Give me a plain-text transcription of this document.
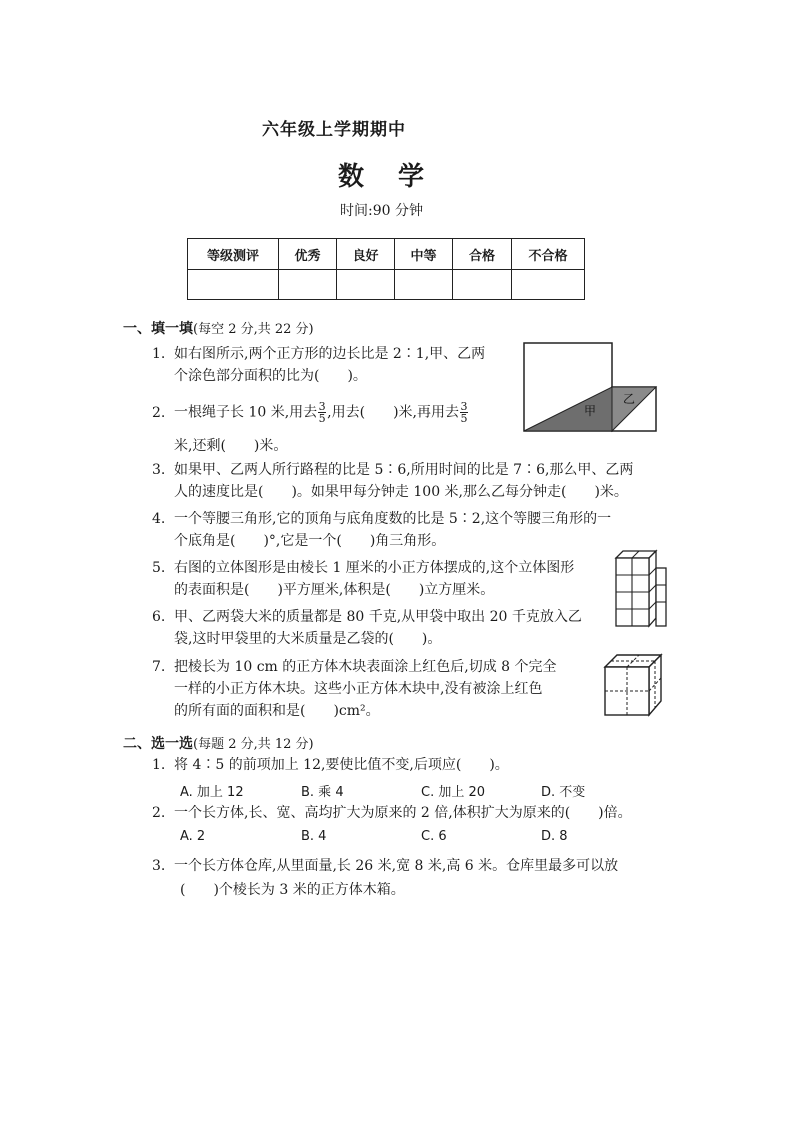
六年级上学期期中
数学
时间:90 分钟
等级测评	优秀	良好	中等	合格	不合格

一、填一填(每空 2 分,共 22 分)
1. 如右图所示,两个正方形的边长比是 2∶1,甲、乙两
个涂色部分面积的比为(　　)。
2. 一根绳子长 10 米,用去 $\frac{3}{5}$ ,用去(　　)米,再用去 $\frac{3}{5}$
米,还剩(　　)米。
3. 如果甲、乙两人所行路程的比是 5∶6,所用时间的比是 7∶6,那么甲、乙两
人的速度比是(　　)。如果甲每分钟走 100 米,那么乙每分钟走(　　)米。
4. 一个等腰三角形,它的顶角与底角度数的比是 5∶2,这个等腰三角形的一
个底角是(　　)°,它是一个(　　)角三角形。
5. 右图的立体图形是由棱长 1 厘米的小正方体摆成的,这个立体图形
的表面积是(　　)平方厘米,体积是(　　)立方厘米。
6. 甲、乙两袋大米的质量都是 80 千克,从甲袋中取出 20 千克放入乙
袋,这时甲袋里的大米质量是乙袋的(　　)。
7. 把棱长为 10 cm 的正方体木块表面涂上红色后,切成 8 个完全
一样的小正方体木块。这些小正方体木块中,没有被涂上红色
的所有面的面积和是(　　)cm²。
甲
乙
二、选一选(每题 2 分,共 12 分)
1. 将 4∶5 的前项加上 12,要使比值不变,后项应(　　)。
A. 加上 12	B. 乘 4	C. 加上 20	D. 不变
2. 一个长方体,长、宽、高均扩大为原来的 2 倍,体积扩大为原来的(　　)倍。
A. 2	B. 4	C. 6	D. 8
3. 一个长方体仓库,从里面量,长 26 米,宽 8 米,高 6 米。仓库里最多可以放
(　　)个棱长为 3 米的正方体木箱。
